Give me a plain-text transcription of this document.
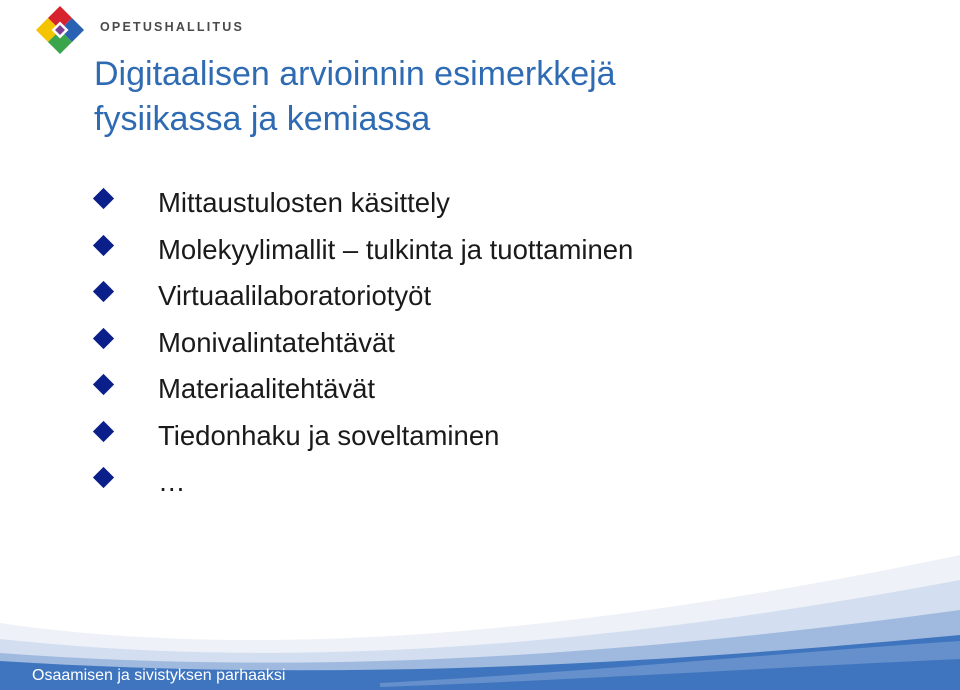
OPETUSHALLITUS
Digitaalisen arvioinnin esimerkkejä
fysiikassa ja kemiassa
Mittaustulosten käsittely
Molekyylimallit – tulkinta ja tuottaminen
Virtuaalilaboratoriotyöt
Monivalintatehtävät
Materiaalitehtävät
Tiedonhaku ja soveltaminen
…
Osaamisen ja sivistyksen parhaaksi
